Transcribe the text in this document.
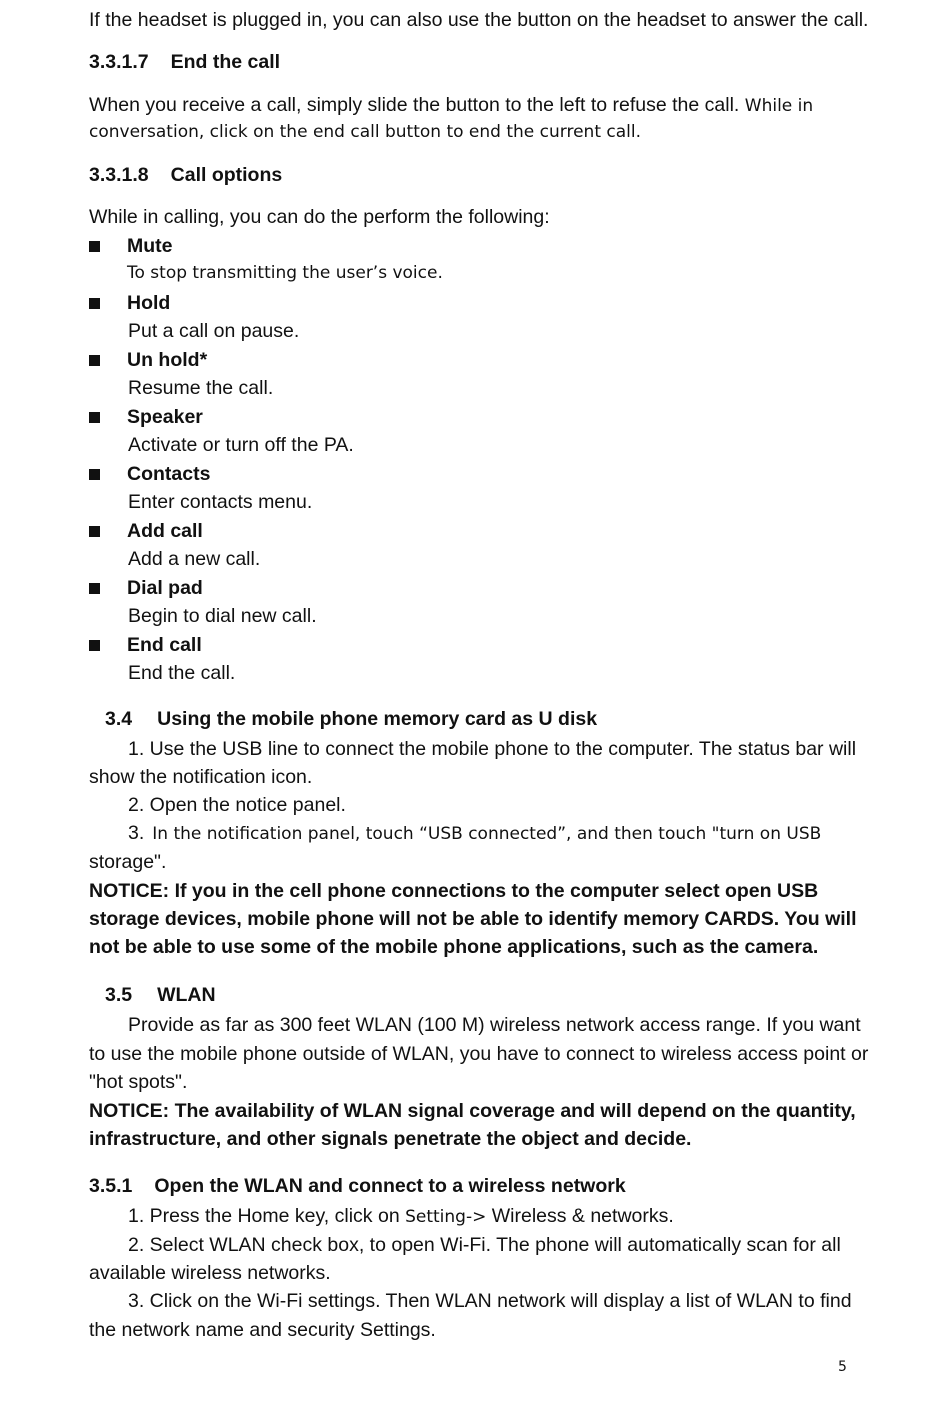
If the headset is plugged in, you can also use the button on the headset to answer the call.
3.3.1.7 End the call
When you receive a call, simply slide the button to the left to refuse the call. While in
conversation, click on the end call button to end the current call.
3.3.1.8 Call options
While in calling, you can do the perform the following:
Mute
To stop transmitting the user’s voice.
Hold
Put a call on pause.
Un hold*
Resume the call.
Speaker
Activate or turn off the PA.
Contacts
Enter contacts menu.
Add call
Add a new call.
Dial pad
Begin to dial new call.
End call
End the call.
3.4 Using the mobile phone memory card as U disk
1. Use the USB line to connect the mobile phone to the computer. The status bar will
show the notification icon.
2. Open the notice panel.
3. In the notification panel, touch “USB connected”, and then touch "turn on USB
storage".
NOTICE: If you in the cell phone connections to the computer select open USB
storage devices, mobile phone will not be able to identify memory CARDS. You will
not be able to use some of the mobile phone applications, such as the camera.
3.5 WLAN
Provide as far as 300 feet WLAN (100 M) wireless network access range. If you want
to use the mobile phone outside of WLAN, you have to connect to wireless access point or
"hot spots".
NOTICE: The availability of WLAN signal coverage and will depend on the quantity,
infrastructure, and other signals penetrate the object and decide.
3.5.1 Open the WLAN and connect to a wireless network
1. Press the Home key, click on Setting-> Wireless & networks.
2. Select WLAN check box, to open Wi-Fi. The phone will automatically scan for all
available wireless networks.
3. Click on the Wi-Fi settings. Then WLAN network will display a list of WLAN to find
the network name and security Settings.
5
